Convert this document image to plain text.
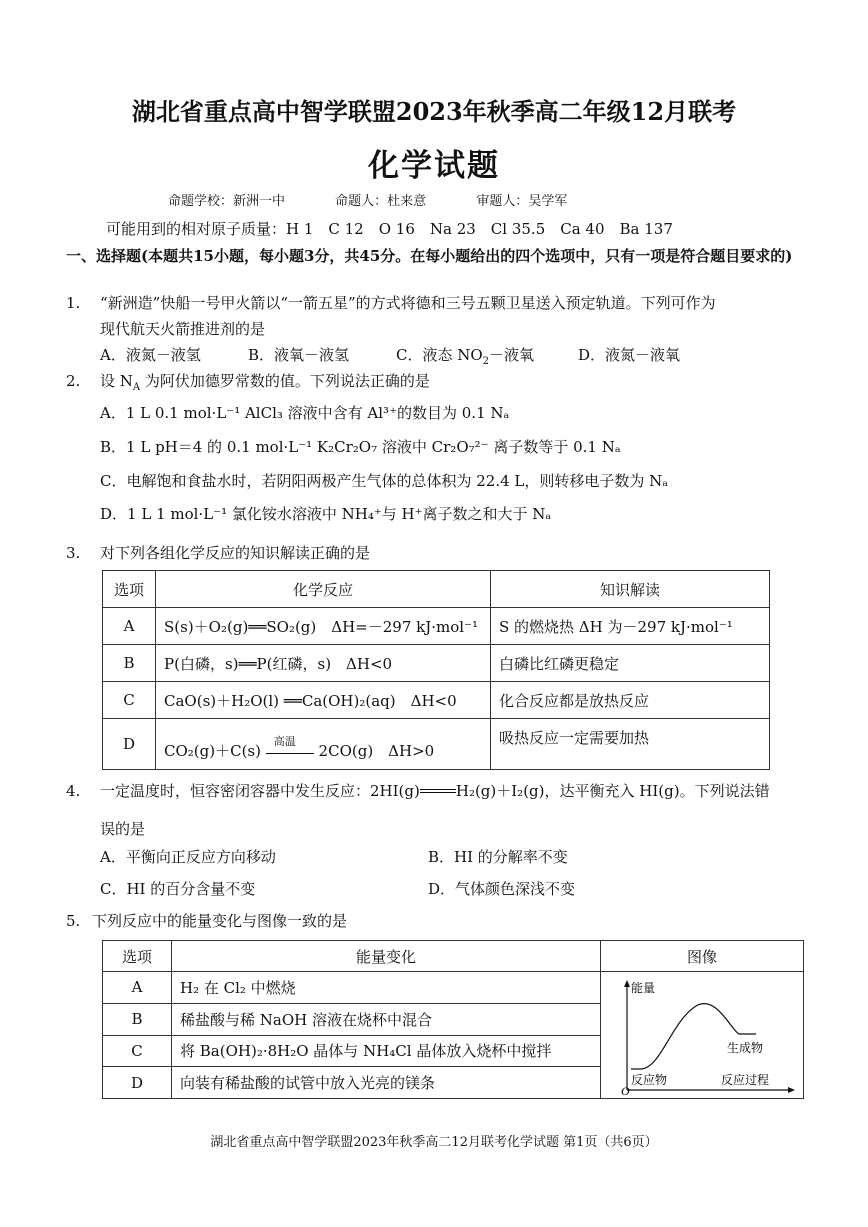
湖北省重点高中智学联盟2023年秋季高二年级12月联考
化学试题
命题学校：新洲一中	命题人：杜来意	审题人：吴学军
可能用到的相对原子质量：H 1　C 12　O 16　Na 23　Cl 35.5　Ca 40　Ba 137
一、选择题(本题共15小题，每小题3分，共45分。在每小题给出的四个选项中，只有一项是符合题目要求的)
1. “新洲造”快船一号甲火箭以“一箭五星”的方式将德和三号五颗卫星送入预定轨道。下列可作为
现代航天火箭推进剂的是
A．液氮－液氢	B．液氧－液氢	C．液态 $NO_2-$液氧	D．液氮－液氧
2. 设 $N_A$ 为阿伏加德罗常数的值。下列说法正确的是
A．1 L 0.1 mol·L⁻¹ AlCl₃ 溶液中含有 Al³⁺的数目为 0.1 Nₐ
B．1 L pH＝4 的 0.1 mol·L⁻¹ K₂Cr₂O₇ 溶液中 Cr₂O₇²⁻ 离子数等于 0.1 Nₐ
C．电解饱和食盐水时，若阴阳两极产生气体的总体积为 22.4 L，则转移电子数为 Nₐ
D．1 L 1 mol·L⁻¹ 氯化铵水溶液中 NH₄⁺与 H⁺离子数之和大于 Nₐ
3. 对下列各组化学反应的知识解读正确的是
选项	化学反应	知识解读
A	S(s)＋O₂(g)══SO₂(g)　ΔH=－297 kJ·mol⁻¹	S 的燃烧热 ΔH 为－297 kJ·mol⁻¹
B	P(白磷，s)══P(红磷，s)　ΔH<0	白磷比红磷更稳定
C	CaO(s)＋H₂O(l) ══Ca(OH)₂(aq)　ΔH<0	化合反应都是放热反应
D	CO₂(g)＋C(s)
高温
2CO(g)　ΔH>0	吸热反应一定需要加热
4. 一定温度时，恒容密闭容器中发生反应：2HI(g) H₂(g)＋I₂(g)，达平衡充入 HI(g)。下列说法错
误的是
A．平衡向正反应方向移动	B．HI 的分解率不变
C．HI 的百分含量不变	D．气体颜色深浅不变
5. 下列反应中的能量变化与图像一致的是
选项	能量变化	图像
A	H₂ 在 Cl₂ 中燃烧	能量
反应物
生成物
O
反应过程

B	稀盐酸与稀 NaOH 溶液在烧杯中混合	
C	将 Ba(OH)₂·8H₂O 晶体与 NH₄Cl 晶体放入烧杯中搅拌	
D	向装有稀盐酸的试管中放入光亮的镁条	
湖北省重点高中智学联盟2023年秋季高二12月联考化学试题 第1页（共6页）
